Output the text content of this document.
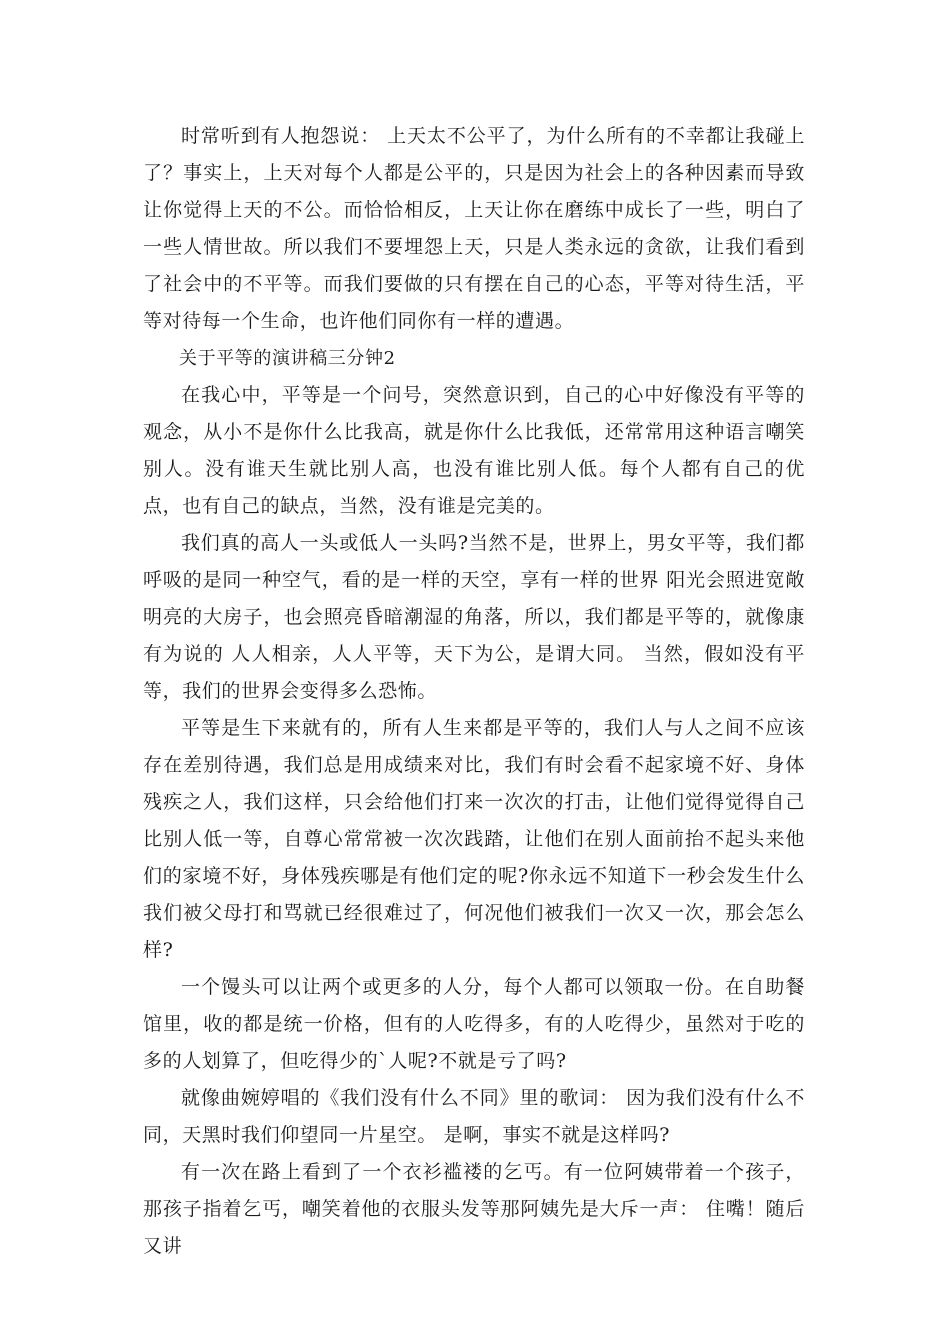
时常听到有人抱怨说： 上天太不公平了，为什么所有的不幸都让我碰上了？事实上，上天对每个人都是公平的，只是因为社会上的各种因素而导致让你觉得上天的不公。而恰恰相反，上天让你在磨练中成长了一些，明白了一些人情世故。所以我们不要埋怨上天，只是人类永远的贪欲，让我们看到了社会中的不平等。而我们要做的只有摆在自己的心态，平等对待生活，平等对待每一个生命，也许他们同你有一样的遭遇。

关于平等的演讲稿三分钟2

在我心中，平等是一个问号，突然意识到，自己的心中好像没有平等的观念，从小不是你什么比我高，就是你什么比我低，还常常用这种语言嘲笑别人。没有谁天生就比别人高，也没有谁比别人低。每个人都有自己的优点，也有自己的缺点，当然，没有谁是完美的。

我们真的高人一头或低人一头吗?当然不是，世界上，男女平等，我们都呼吸的是同一种空气，看的是一样的天空，享有一样的世界 阳光会照进宽敞明亮的大房子，也会照亮昏暗潮湿的角落，所以，我们都是平等的，就像康有为说的 人人相亲，人人平等，天下为公，是谓大同。 当然，假如没有平等，我们的世界会变得多么恐怖。

平等是生下来就有的，所有人生来都是平等的，我们人与人之间不应该存在差别待遇，我们总是用成绩来对比，我们有时会看不起家境不好、身体残疾之人，我们这样，只会给他们打来一次次的打击，让他们觉得觉得自己比别人低一等，自尊心常常被一次次践踏，让他们在别人面前抬不起头来他们的家境不好，身体残疾哪是有他们定的呢?你永远不知道下一秒会发生什么我们被父母打和骂就已经很难过了，何况他们被我们一次又一次，那会怎么样?

一个馒头可以让两个或更多的人分，每个人都可以领取一份。在自助餐馆里，收的都是统一价格，但有的人吃得多，有的人吃得少，虽然对于吃的多的人划算了，但吃得少的`人呢?不就是亏了吗?

就像曲婉婷唱的《我们没有什么不同》里的歌词： 因为我们没有什么不同，天黑时我们仰望同一片星空。 是啊，事实不就是这样吗?

有一次在路上看到了一个衣衫褴褛的乞丐。有一位阿姨带着一个孩子，那孩子指着乞丐，嘲笑着他的衣服头发等那阿姨先是大斥一声： 住嘴！随后又讲
